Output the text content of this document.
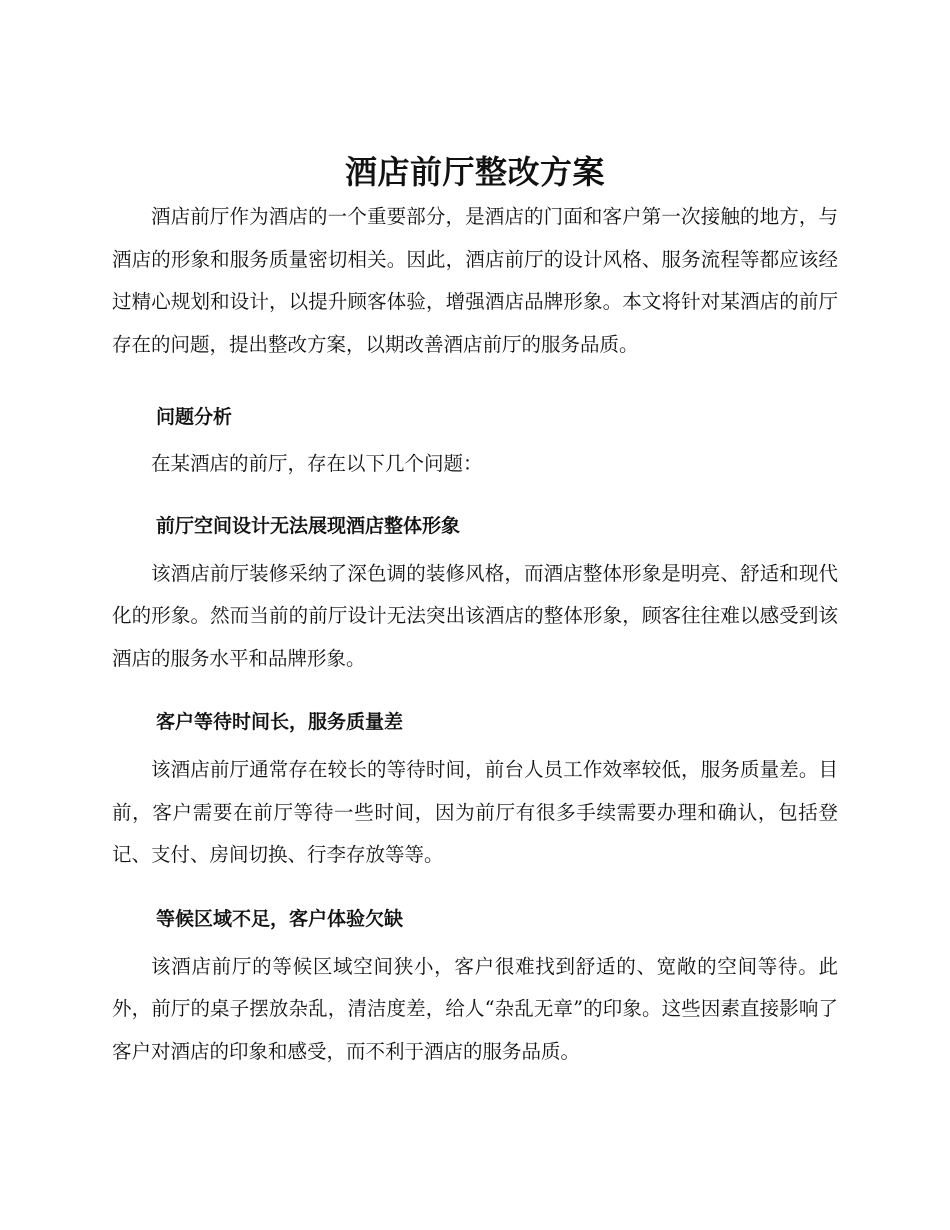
酒店前厅整改方案

酒店前厅作为酒店的一个重要部分，是酒店的门面和客户第一次接触的地方，与酒店的形象和服务质量密切相关。因此，酒店前厅的设计风格、服务流程等都应该经过精心规划和设计，以提升顾客体验，增强酒店品牌形象。本文将针对某酒店的前厅存在的问题，提出整改方案，以期改善酒店前厅的服务品质。

问题分析

在某酒店的前厅，存在以下几个问题：

前厅空间设计无法展现酒店整体形象

该酒店前厅装修采纳了深色调的装修风格，而酒店整体形象是明亮、舒适和现代化的形象。然而当前的前厅设计无法突出该酒店的整体形象，顾客往往难以感受到该酒店的服务水平和品牌形象。

客户等待时间长，服务质量差

该酒店前厅通常存在较长的等待时间，前台人员工作效率较低，服务质量差。目前，客户需要在前厅等待一些时间，因为前厅有很多手续需要办理和确认，包括登记、支付、房间切换、行李存放等等。

等候区域不足，客户体验欠缺

该酒店前厅的等候区域空间狭小，客户很难找到舒适的、宽敞的空间等待。此外，前厅的桌子摆放杂乱，清洁度差，给人“杂乱无章”的印象。这些因素直接影响了客户对酒店的印象和感受，而不利于酒店的服务品质。
